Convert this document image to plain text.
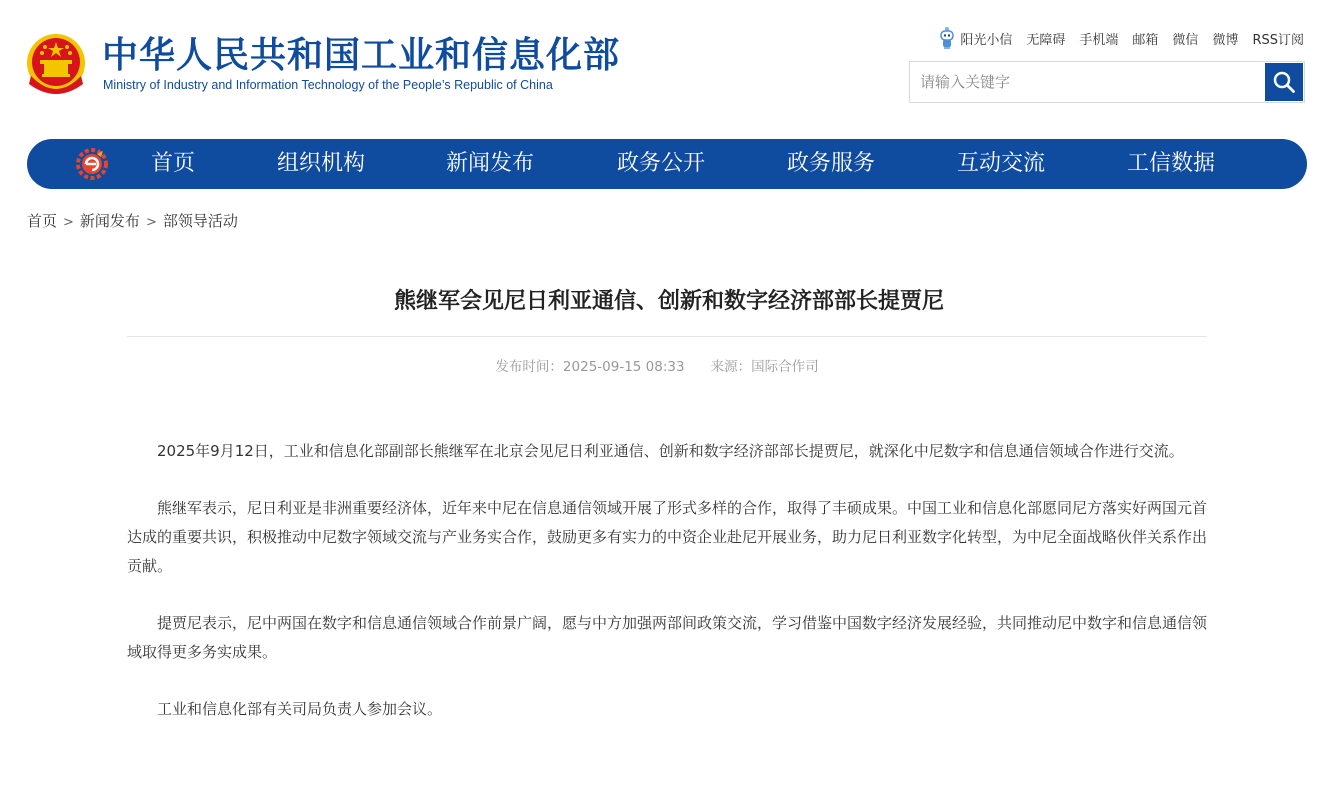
中华人民共和国工业和信息化部
Ministry of Industry and Information Technology of the People’s Republic of China
阳光小信 无障碍 手机端 邮箱 微信 微博 RSS订阅
请输入关键字
首页	组织机构	新闻发布	政务公开	政务服务	互动交流	工信数据
首页 > 新闻发布 > 部领导活动
熊继军会见尼日利亚通信、创新和数字经济部部长提贾尼
发布时间：2025-09-15 08:33 来源：国际合作司

2025年9月12日，工业和信息化部副部长熊继军在北京会见尼日利亚通信、创新和数字经济部部长提贾尼，就深化中尼数字和信息通信领域合作进行交流。

熊继军表示，尼日利亚是非洲重要经济体，近年来中尼在信息通信领域开展了形式多样的合作，取得了丰硕成果。中国工业和信息化部愿同尼方落实好两国元首达成的重要共识，积极推动中尼数字领域交流与产业务实合作，鼓励更多有实力的中资企业赴尼开展业务，助力尼日利亚数字化转型，为中尼全面战略伙伴关系作出贡献。

提贾尼表示，尼中两国在数字和信息通信领域合作前景广阔，愿与中方加强两部间政策交流，学习借鉴中国数字经济发展经验，共同推动尼中数字和信息通信领域取得更多务实成果。

工业和信息化部有关司局负责人参加会议。
